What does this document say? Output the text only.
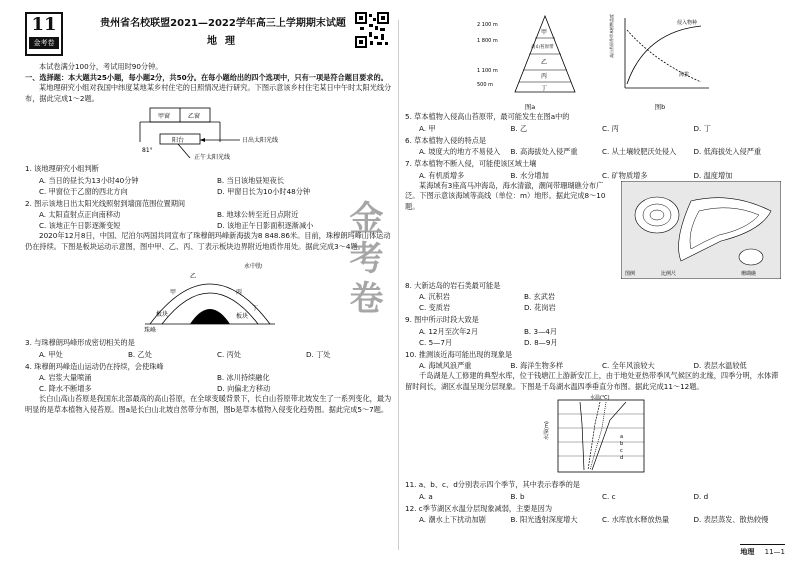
11
金考卷
贵州省名校联盟2021—2022学年高三上学期期末试题
地理

本试卷满分100分，考试用时90分钟。

一、选择题：本大题共25小题，每小题2分，共50分。在每小题给出的四个选项中，只有一项是符合题目要求的。

某地理研究小组对我国中纬度某地某乡村住宅的日照情况进行研究。下图示意该乡村住宅某日中午时太阳光线分布，据此完成1～2题。

甲窗	乙窗
阳台	日出太阳光线
正午太阳光线
81°
1. 该地理研究小组判断
A. 当日的昼长为13小时40分钟	B. 当日该地昼短夜长
C. 甲窗位于乙窗的西北方向	D. 甲窗日长为10小时48分钟
2. 图示该地日出太阳光线照射到墙面范围位置期间
A. 太阳直射点正向南移动	B. 地球公转至近日点附近
C. 该地正午日影逐渐变短	D. 该地正午日影面积逐渐减小

2020年12月8日，中国、尼泊尔两国共同宣布了珠穆朗玛峰新海拔为8 848.86米。目前，珠穆朗玛峰山体运动仍在持续。下图是板块运动示意图，图中甲、乙、丙、丁表示板块边界附近地质作用处。据此完成3～4题。

乙
甲	丙
丁
板块	板块
永中肋
岩石圈
珠峰
3. 与珠穆朗玛峰形成密切相关的是
A. 甲处	B. 乙处	C. 丙处	D. 丁处
4. 珠穆朗玛峰造山运动仍在持续，会使珠峰
A. 岩浆大量喷涌	B. 冰川持续融化
C. 降水不断增多	D. 向偏北方移动

长白山高山苔原是我国东北部最高的高山苔原，在全球变暖背景下，长白山苔原带北坡发生了一系列变化，最为明显的是草本植物入侵苔原。图a是长白山北坡自然带分布图，图b是草本植物入侵变化趋势图。据此完成5～7题。

金考卷
丁
丙
乙
甲
高山苔原带
2 100 m
1 800 m
1 100 m
500 m
图a
侵入物种
海拔
高山苔原带草本植物盖度
图b
5. 草本植物入侵高山苔原带，最可能发生在图a中的
A. 甲	B. 乙	C. 丙	D. 丁
6. 草本植物入侵的特点是
A. 坡度大的地方不易侵入	B. 高海拔处入侵严重	C. 从土壤较肥沃处侵入	D. 低海拔处入侵严重
7. 草本植物不断入侵，可能使该区域土壤
A. 有机质增多	B. 水分增加	C. 矿物质增多	D. 温度增加

某海域有3座高马冲海岛，海水清澈，潮间带珊瑚礁分布广泛。下图示意该海域等高线（单位：m）地形。据此完成8～10题。

图例	比例尺	珊瑚礁
8. 大新达岛的岩石类最可能是
A. 沉积岩	B. 玄武岩
C. 变质岩	D. 花岗岩
9. 图中所示时段大致是
A. 12月至次年2月	B. 3—4月
C. 5—7月	D. 8—9月
10. 推测该近海可能出现的现象是
A. 海域风浪严重	B. 海洋生物多样	C. 全年风浪较大	D. 表层水温较低

千岛湖是人工修建的典型水库，位于钱塘江上游新安江上，由于地处亚热带季风气候区的北缘，四季分明，水体滞留时间长，湖区水温呈现分层现象。下图是千岛湖水温四季垂直分布图。据此完成11～12题。

水深(m)
水温(℃)
a
b
c
d
11. a、b、c、d分别表示四个季节，其中表示春季的是
A. a	B. b	C. c	D. d
12. c季节湖区水温分层现象减弱，主要是因为
A. 潮水上下扰动加剧	B. 阳光透射深度增大	C. 水库放水释放热量	D. 表层蒸发、散热较慢
地理 11—1
